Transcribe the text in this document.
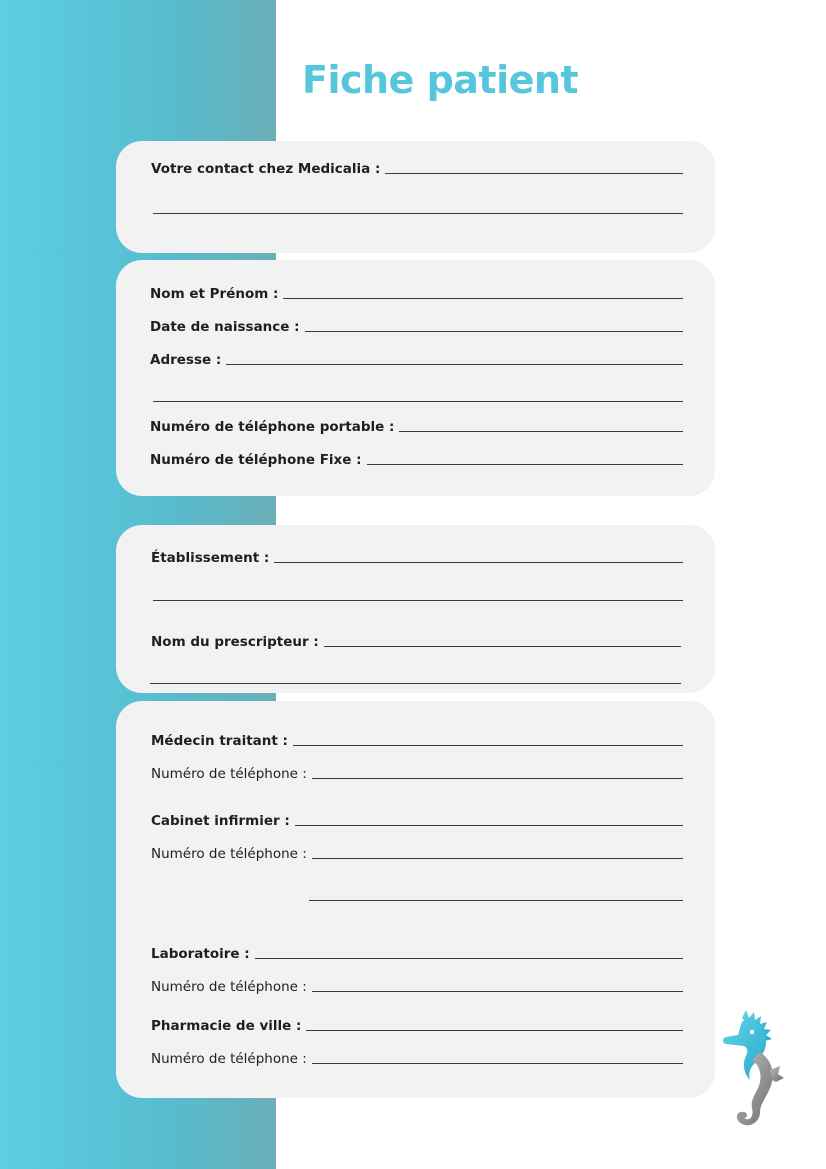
Fiche patient
Votre contact chez Medicalia :
Nom et Prénom :
Date de naissance :
Adresse :
Numéro de téléphone portable :
Numéro de téléphone Fixe :
Établissement :
Nom du prescripteur :
Médecin traitant :
Numéro de téléphone :
Cabinet infirmier :
Numéro de téléphone :
Laboratoire :
Numéro de téléphone :
Pharmacie de ville :
Numéro de téléphone :
